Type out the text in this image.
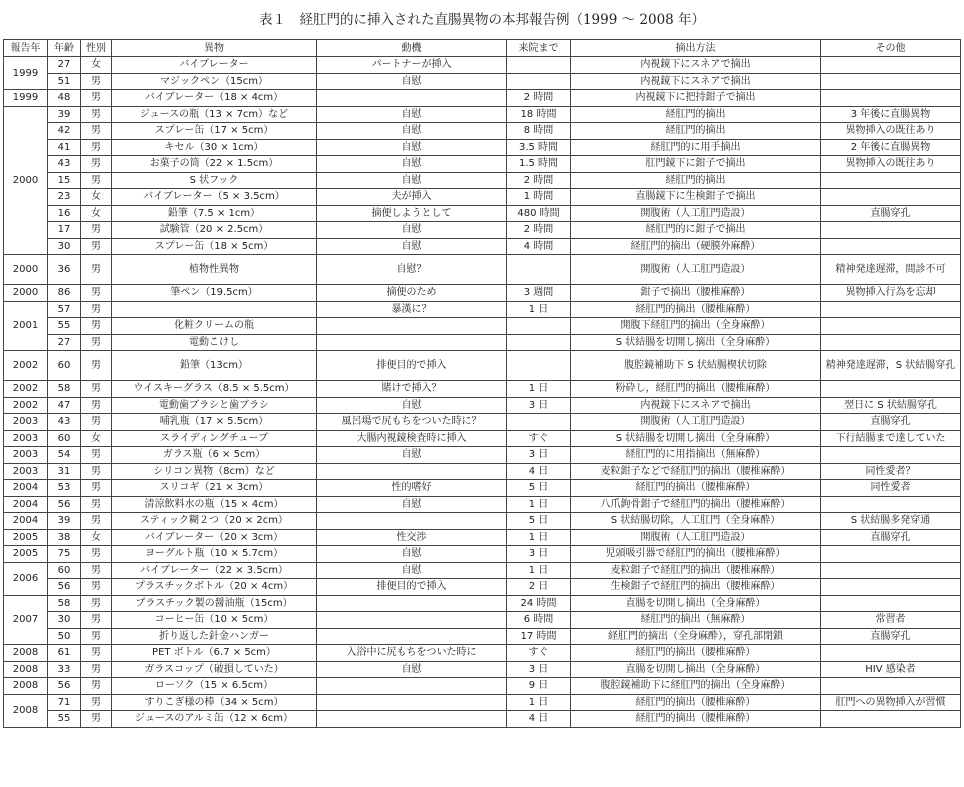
表１　経肛門的に挿入された直腸異物の本邦報告例（1999 ～ 2008 年）
報告年	年齢	性別	異物	動機	来院まで	摘出方法	その他
1999	27	女	バイブレーター	パートナーが挿入		内視鏡下にスネアで摘出	
	51	男	マジックペン（15cm）	自慰		内視鏡下にスネアで摘出	
1999	48	男	バイブレーター（18 × 4cm）		2 時間	内視鏡下に把持鉗子で摘出	
2000	39	男	ジュースの瓶（13 × 7cm）など	自慰	18 時間	経肛門的摘出	3 年後に直腸異物
	42	男	スプレー缶（17 × 5cm）	自慰	8 時間	経肛門的摘出	異物挿入の既往あり
	41	男	キセル（30 × 1cm）	自慰	3.5 時間	経肛門的に用手摘出	2 年後に直腸異物
	43	男	お菓子の筒（22 × 1.5cm）	自慰	1.5 時間	肛門鏡下に鉗子で摘出	異物挿入の既往あり
	15	男	S 状フック	自慰	2 時間	経肛門的摘出	
	23	女	バイブレーター（5 × 3.5cm）	夫が挿入	1 時間	直腸鏡下に生検鉗子で摘出	
	16	女	鉛筆（7.5 × 1cm）	摘便しようとして	480 時間	開腹術（人工肛門造設）	直腸穿孔
	17	男	試験管（20 × 2.5cm）	自慰	2 時間	経肛門的に鉗子で摘出	
	30	男	スプレー缶（18 × 5cm）	自慰	4 時間	経肛門的摘出（硬膜外麻酔）	
2000	36	男	植物性異物	自慰？		開腹術（人工肛門造設）	精神発達遅滞，間診不可
2000	86	男	筆ペン（19.5cm）	摘便のため	3 週間	鉗子で摘出（腰椎麻酔）	異物挿入行為を忘却
2001	57	男		暴漢に？	1 日	経肛門的摘出（腰椎麻酔）	
	55	男	化粧クリームの瓶			開腹下経肛門的摘出（全身麻酔）	
	27	男	電動こけし			S 状結腸を切開し摘出（全身麻酔）	
2002	60	男	鉛筆（13cm）	排便目的で挿入		腹腔鏡補助下 S 状結腸楔状切除	精神発達遅滞，S 状結腸穿孔
2002	58	男	ウイスキーグラス（8.5 × 5.5cm）	賭けで挿入？	1 日	粉砕し，経肛門的摘出（腰椎麻酔）	
2002	47	男	電動歯ブラシと歯ブラシ	自慰	3 日	内視鏡下にスネアで摘出	翌日に S 状結腸穿孔
2003	43	男	哺乳瓶（17 × 5.5cm）	風呂場で尻もちをついた時に？		開腹術（人工肛門造設）	直腸穿孔
2003	60	女	スライディングチューブ	大腸内視鏡検査時に挿入	すぐ	S 状結腸を切開し摘出（全身麻酔）	下行結腸まで達していた
2003	54	男	ガラス瓶（6 × 5cm）	自慰	3 日	経肛門的に用指摘出（無麻酔）	
2003	31	男	シリコン異物（8cm）など		4 日	麦粒鉗子などで経肛門的摘出（腰椎麻酔）	同性愛者？
2004	53	男	スリコギ（21 × 3cm）	性的嗜好	5 日	経肛門的摘出（腰椎麻酔）	同性愛者
2004	56	男	清涼飲料水の瓶（15 × 4cm）	自慰	1 日	八爪鉤骨鉗子で経肛門的摘出（腰椎麻酔）	
2004	39	男	スティック糊２つ（20 × 2cm）		5 日	S 状結腸切除，人工肛門（全身麻酔）	S 状結腸多発穿通
2005	38	女	バイブレーター（20 × 3cm）	性交渉	1 日	開腹術（人工肛門造設）	直腸穿孔
2005	75	男	ヨーグルト瓶（10 × 5.7cm）	自慰	3 日	児頭吸引器で経肛門的摘出（腰椎麻酔）	
2006	60	男	バイブレーター（22 × 3.5cm）	自慰	1 日	麦粒鉗子で経肛門的摘出（腰椎麻酔）	
	56	男	プラスチックボトル（20 × 4cm）	排便目的で挿入	2 日	生検鉗子で経肛門的摘出（腰椎麻酔）	
2007	58	男	プラスチック製の醤油瓶（15cm）		24 時間	直腸を切開し摘出（全身麻酔）	
	30	男	コーヒー缶（10 × 5cm）		6 時間	経肛門的摘出（無麻酔）	常習者
	50	男	折り返した針金ハンガー		17 時間	経肛門的摘出（全身麻酔），穿孔部閉鎖	直腸穿孔
2008	61	男	PET ボトル（6.7 × 5cm）	入浴中に尻もちをついた時に	すぐ	経肛門的摘出（腰椎麻酔）	
2008	33	男	ガラスコップ（破損していた）	自慰	3 日	直腸を切開し摘出（全身麻酔）	HIV 感染者
2008	56	男	ローソク（15 × 6.5cm）		9 日	腹腔鏡補助下に経肛門的摘出（全身麻酔）	
2008	71	男	すりこぎ様の棒（34 × 5cm）		1 日	経肛門的摘出（腰椎麻酔）	肛門への異物挿入が習慣
	55	男	ジュースのアルミ缶（12 × 6cm）		4 日	経肛門的摘出（腰椎麻酔）	
